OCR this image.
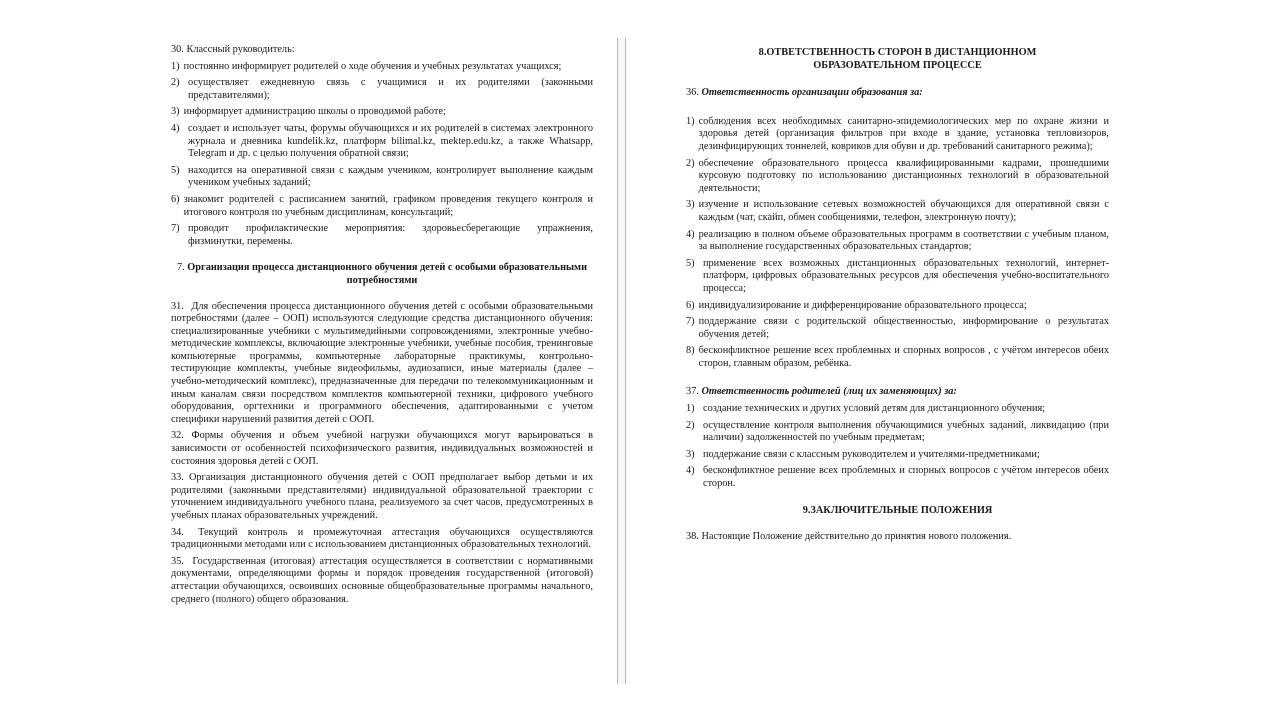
30. Классный руководитель:
1) постоянно информирует родителей о ходе обучения и учебных результатах учащихся;
2) осуществляет ежедневную связь с учащимися и их родителями (законными представителями);
3) информирует администрацию школы о проводимой работе;
4) создает и использует чаты, форумы обучающихся и их родителей в системах электронного журнала и дневника kundelik.kz, платформ bilimal.kz, mektep.edu.kz, а также Whatsapp, Telegram и др. с целью получения обратной связи;
5) находится на оперативной связи с каждым учеником, контролирует выполнение каждым учеником учебных заданий;
6) знакомит родителей с расписанием занятий, графиком проведения текущего контроля и итогового контроля по учебным дисциплинам, консультаций;
7) проводит профилактические мероприятия: здоровьесберегающие упражнения, физминутки, перемены.
7. Организация процесса дистанционного обучения детей с особыми образовательными потребностями
31. Для обеспечения процесса дистанционного обучения детей с особыми образовательными потребностями (далее – ООП) используются следующие средства дистанционного обучения: специализированные учебники с мультимедийными сопровождениями, электронные учебно-методические комплексы, включающие электронные учебники, учебные пособия, тренинговые компьютерные программы, компьютерные лабораторные практикумы, контрольно-тестирующие комплекты, учебные видеофильмы, аудиозаписи, иные материалы (далее – учебно-методический комплекс), предназначенные для передачи по телекоммуникационным и иным каналам связи посредством комплектов компьютерной техники, цифрового учебного оборудования, оргтехники и программного обеспечения, адаптированными с учетом специфики нарушений развития детей с ООП.
32. Формы обучения и объем учебной нагрузки обучающихся могут варьироваться в зависимости от особенностей психофизического развития, индивидуальных возможностей и состояния здоровья детей с ООП.
33. Организация дистанционного обучения детей с ООП предполагает выбор детьми и их родителями (законными представителями) индивидуальной образовательной траектории с уточнением индивидуального учебного плана, реализуемого за счет часов, предусмотренных в учебных планах образовательных учреждений.
34. Текущий контроль и промежуточная аттестация обучающихся осуществляются традиционными методами или с использованием дистанционных образовательных технологий.
35. Государственная (итоговая) аттестация осуществляется в соответствии с нормативными документами, определяющими формы и порядок проведения государственной (итоговой) аттестации обучающихся, освоивших основные общеобразовательные программы начального, среднего (полного) общего образования.
8.ОТВЕТСТВЕННОСТЬ СТОРОН В ДИСТАНЦИОННОМ
ОБРАЗОВАТЕЛЬНОМ ПРОЦЕССЕ
36. Ответственность организации образования за:
1) соблюдения всех необходимых санитарно-эпидемиологических мер по охране жизни и здоровья детей (организация фильтров при входе в здание, установка тепловизоров, дезинфицирующих тоннелей, ковриков для обуви и др. требований санитарного режима);
2) обеспечение образовательного процесса квалифицированными кадрами, прошедшими курсовую подготовку по использованию дистанционных технологий в образовательной деятельности;
3) изучение и использование сетевых возможностей обучающихся для оперативной связи с каждым (чат, скайп, обмен сообщениями, телефон, электронную почту);
4) реализацию в полном объеме образовательных программ в соответствии с учебным планом, за выполнение государственных образовательных стандартов;
5) применение всех возможных дистанционных образовательных технологий, интернет-платформ, цифровых образовательных ресурсов для обеспечения учебно-воспитательного процесса;
6) индивидуализирование и дифференцирование образовательного процесса;
7) поддержание связи с родительской общественностью, информирование о результатах обучения детей;
8) бесконфликтное решение всех проблемных и спорных вопросов , с учётом интересов обеих сторон, главным образом, ребёнка.
37. Ответственность родителей (лиц их заменяющих) за:
1) создание технических и других условий детям для дистанционного обучения;
2) осуществление контроля выполнения обучающимися учебных заданий, ликвидацию (при наличии) задолженностей по учебным предметам;
3) поддержание связи с классным руководителем и учителями-предметниками;
4) бесконфликтное решение всех проблемных и спорных вопросов с учётом интересов обеих сторон.
9.ЗАКЛЮЧИТЕЛЬНЫЕ ПОЛОЖЕНИЯ
38. Настоящие Положение действительно до принятия нового положения.
